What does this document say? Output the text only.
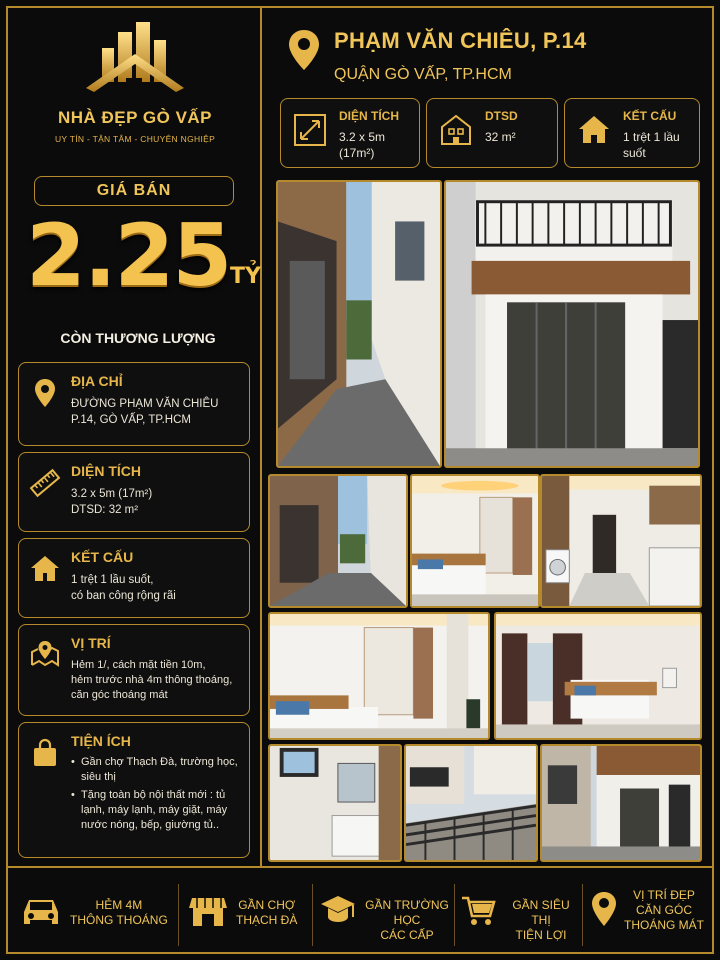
NHÀ ĐẸP GÒ VẤP
UY TÍN - TẬN TÂM - CHUYÊN NGHIỆP
GIÁ BÁN
2.25 TỶ
CÒN THƯƠNG LƯỢNG
ĐỊA CHỈ
ĐƯỜNG PHẠM VĂN CHIÊU
P.14, GÒ VẤP, TP.HCM
DIỆN TÍCH
3.2 x 5m (17m²)
DTSD: 32 m²
KẾT CẤU
1 trệt 1 lầu suốt,
có ban công rộng rãi
VỊ TRÍ
Hẻm 1/, cách mặt tiền 10m,
hẻm trước nhà 4m thông thoáng,
căn góc thoáng mát
TIỆN ÍCH
• Gần chợ Thạch Đà, trường học, siêu thị
• Tặng toàn bộ nội thất mới : tủ lạnh, máy lạnh, máy giặt, máy nước nóng, bếp, giường tủ..
PHẠM VĂN CHIÊU, P.14
QUẬN GÒ VẤP, TP.HCM
DIỆN TÍCH
3.2 x 5m
(17m²)
DTSD
32 m²
KẾT CẤU
1 trệt 1 lầu
suốt
HẺM 4M
THÔNG THOÁNG
GẦN CHỢ
THẠCH ĐÀ
GẦN TRƯỜNG HỌC
CÁC CẤP
GẦN SIÊU THỊ
TIỆN LỢI
VỊ TRÍ ĐẸP
CĂN GÓC
THOÁNG MÁT
